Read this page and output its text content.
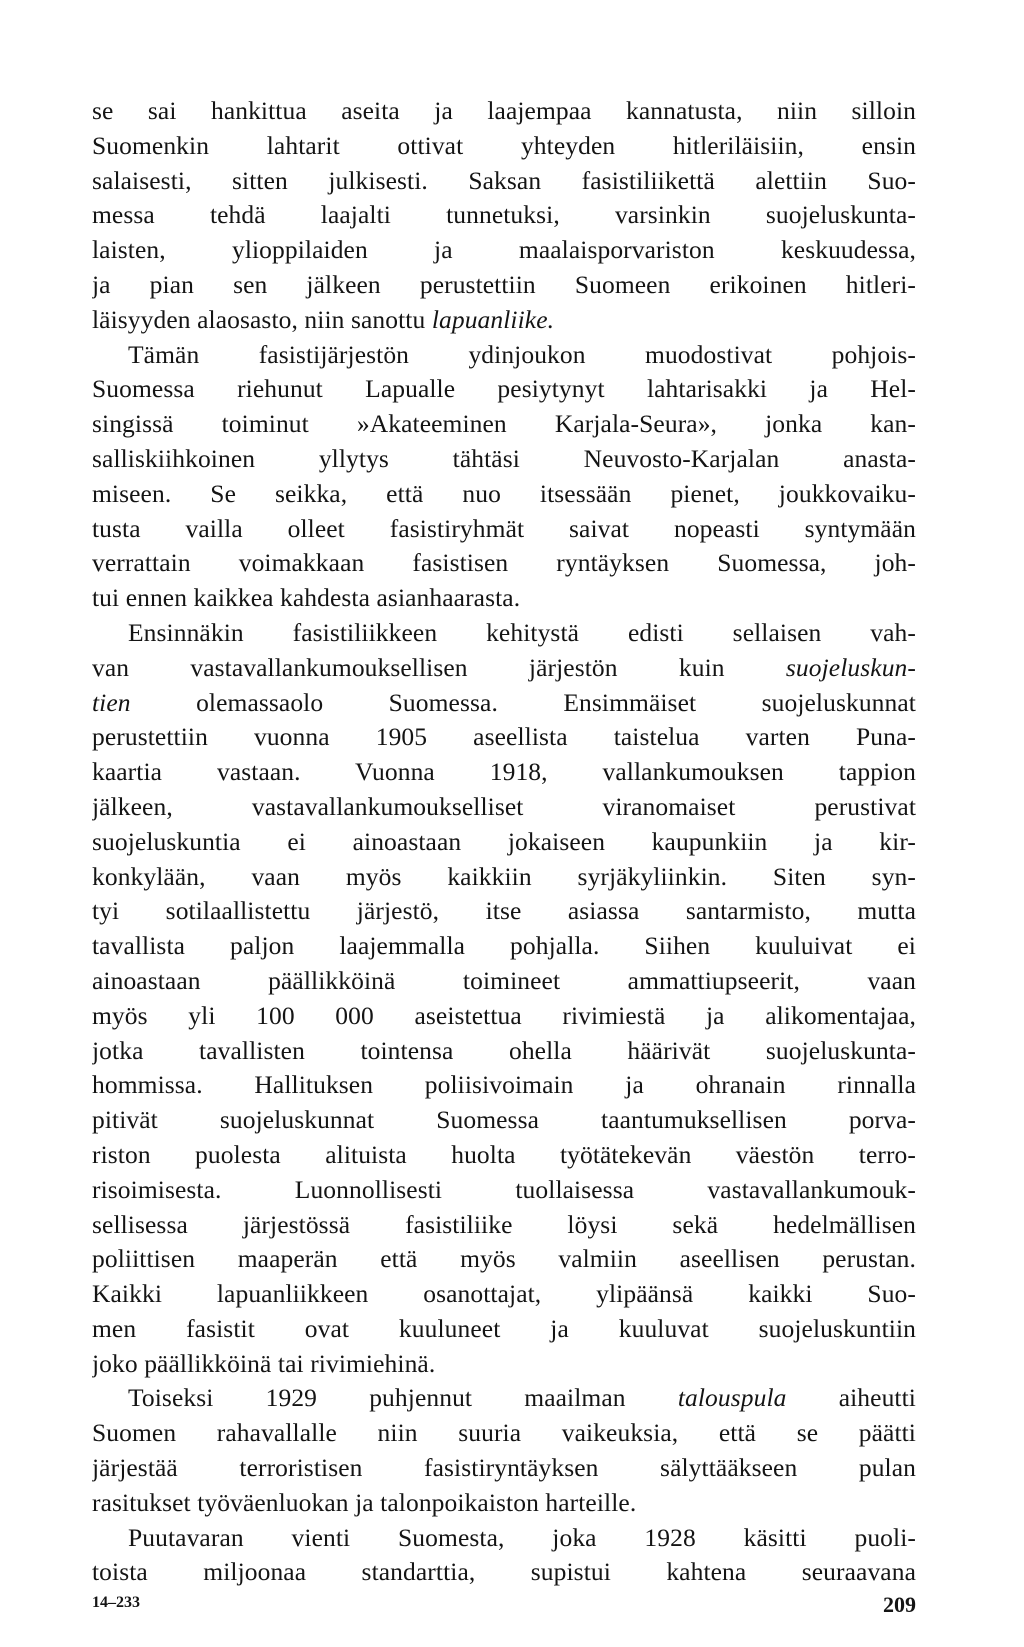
se sai hankittua aseita ja laajempaa kannatusta, niin silloin
Suomenkin lahtarit ottivat yhteyden hitleriläisiin, ensin
salaisesti, sitten julkisesti. Saksan fasistiliikettä alettiin Suo-
messa tehdä laajalti tunnetuksi, varsinkin suojeluskunta-
laisten, ylioppilaiden ja maalaisporvariston keskuudessa,
ja pian sen jälkeen perustettiin Suomeen erikoinen hitleri-
läisyyden alaosasto, niin sanottu lapuanliike.
Tämän fasistijärjestön ydinjoukon muodostivat pohjois-
Suomessa riehunut Lapualle pesiytynyt lahtarisakki ja Hel-
singissä toiminut »Akateeminen Karjala-Seura», jonka kan-
salliskiihkoinen yllytys tähtäsi Neuvosto-Karjalan anasta-
miseen. Se seikka, että nuo itsessään pienet, joukkovaiku-
tusta vailla olleet fasistiryhmät saivat nopeasti syntymään
verrattain voimakkaan fasistisen ryntäyksen Suomessa, joh-
tui ennen kaikkea kahdesta asianhaarasta.
Ensinnäkin fasistiliikkeen kehitystä edisti sellaisen vah-
van vastavallankumouksellisen järjestön kuin suojeluskun-
tien olemassaolo Suomessa. Ensimmäiset suojeluskunnat
perustettiin vuonna 1905 aseellista taistelua varten Puna-
kaartia vastaan. Vuonna 1918, vallankumouksen tappion
jälkeen, vastavallankumoukselliset viranomaiset perustivat
suojeluskuntia ei ainoastaan jokaiseen kaupunkiin ja kir-
konkylään, vaan myös kaikkiin syrjäkyliinkin. Siten syn-
tyi sotilaallistettu järjestö, itse asiassa santarmisto, mutta
tavallista paljon laajemmalla pohjalla. Siihen kuuluivat ei
ainoastaan päällikköinä toimineet ammattiupseerit, vaan
myös yli 100 000 aseistettua rivimiestä ja alikomentajaa,
jotka tavallisten tointensa ohella häärivät suojeluskunta-
hommissa. Hallituksen poliisivoimain ja ohranain rinnalla
pitivät suojeluskunnat Suomessa taantumuksellisen porva-
riston puolesta alituista huolta työtätekevän väestön terro-
risoimisesta. Luonnollisesti tuollaisessa vastavallankumouk-
sellisessa järjestössä fasistiliike löysi sekä hedelmällisen
poliittisen maaperän että myös valmiin aseellisen perustan.
Kaikki lapuanliikkeen osanottajat, ylipäänsä kaikki Suo-
men fasistit ovat kuuluneet ja kuuluvat suojeluskuntiin
joko päällikköinä tai rivimiehinä.
Toiseksi 1929 puhjennut maailman talouspula aiheutti
Suomen rahavallalle niin suuria vaikeuksia, että se päätti
järjestää terroristisen fasistiryntäyksen sälyttääkseen pulan
rasitukset työväenluokan ja talonpoikaiston harteille.
Puutavaran vienti Suomesta, joka 1928 käsitti puoli-
toista miljoonaa standarttia, supistui kahtena seuraavana
14–233	209
